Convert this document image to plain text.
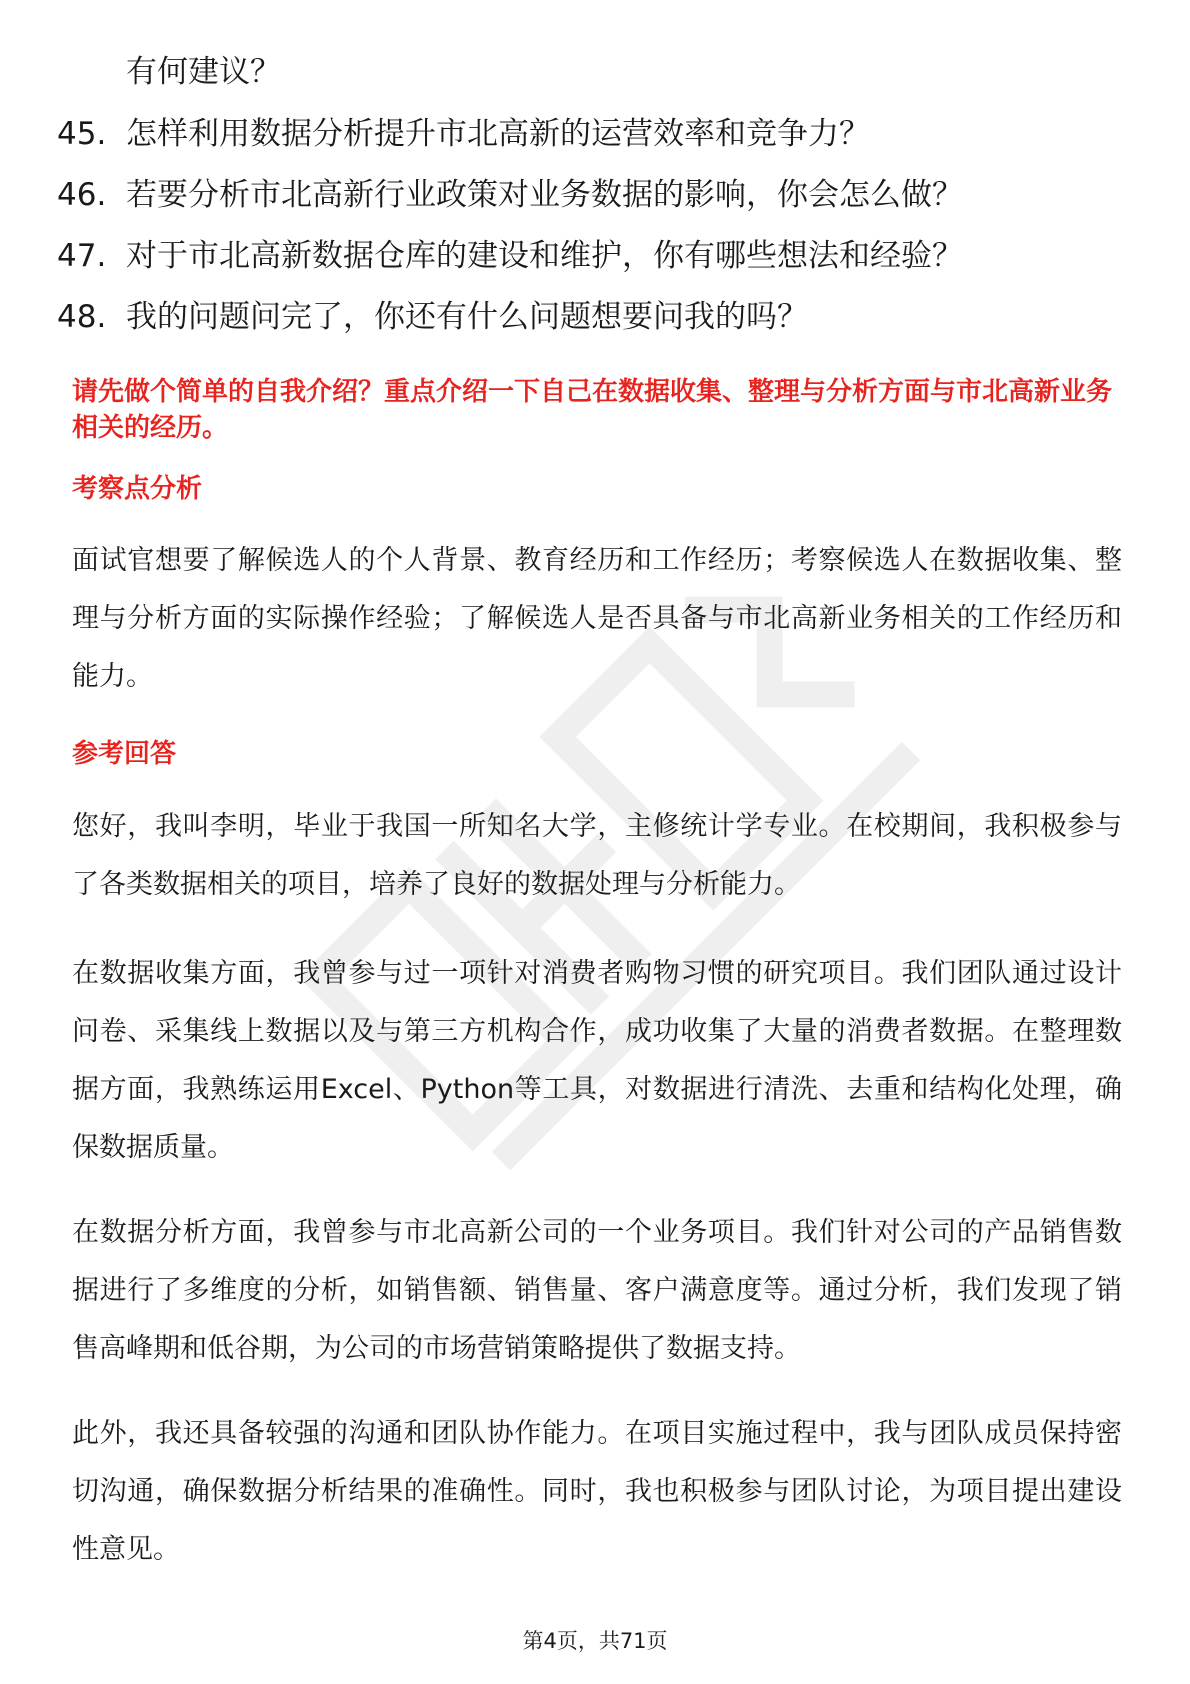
有何建议？
45. 怎样利用数据分析提升市北高新的运营效率和竞争力？
46. 若要分析市北高新行业政策对业务数据的影响，你会怎么做？
47. 对于市北高新数据仓库的建设和维护，你有哪些想法和经验？
48. 我的问题问完了，你还有什么问题想要问我的吗？
请先做个简单的自我介绍？重点介绍一下自己在数据收集、整理与分析方面与市北高新业务相关的经历。
考察点分析
面试官想要了解候选人的个人背景、教育经历和工作经历；考察候选人在数据收集、整理与分析方面的实际操作经验；了解候选人是否具备与市北高新业务相关的工作经历和能力。
参考回答
您好，我叫李明，毕业于我国一所知名大学，主修统计学专业。在校期间，我积极参与了各类数据相关的项目，培养了良好的数据处理与分析能力。
在数据收集方面，我曾参与过一项针对消费者购物习惯的研究项目。我们团队通过设计问卷、采集线上数据以及与第三方机构合作，成功收集了大量的消费者数据。在整理数据方面，我熟练运用Excel、Python等工具，对数据进行清洗、去重和结构化处理，确保数据质量。
在数据分析方面，我曾参与市北高新公司的一个业务项目。我们针对公司的产品销售数据进行了多维度的分析，如销售额、销售量、客户满意度等。通过分析，我们发现了销售高峰期和低谷期，为公司的市场营销策略提供了数据支持。
此外，我还具备较强的沟通和团队协作能力。在项目实施过程中，我与团队成员保持密切沟通，确保数据分析结果的准确性。同时，我也积极参与团队讨论，为项目提出建设性意见。
第4页，共71页
